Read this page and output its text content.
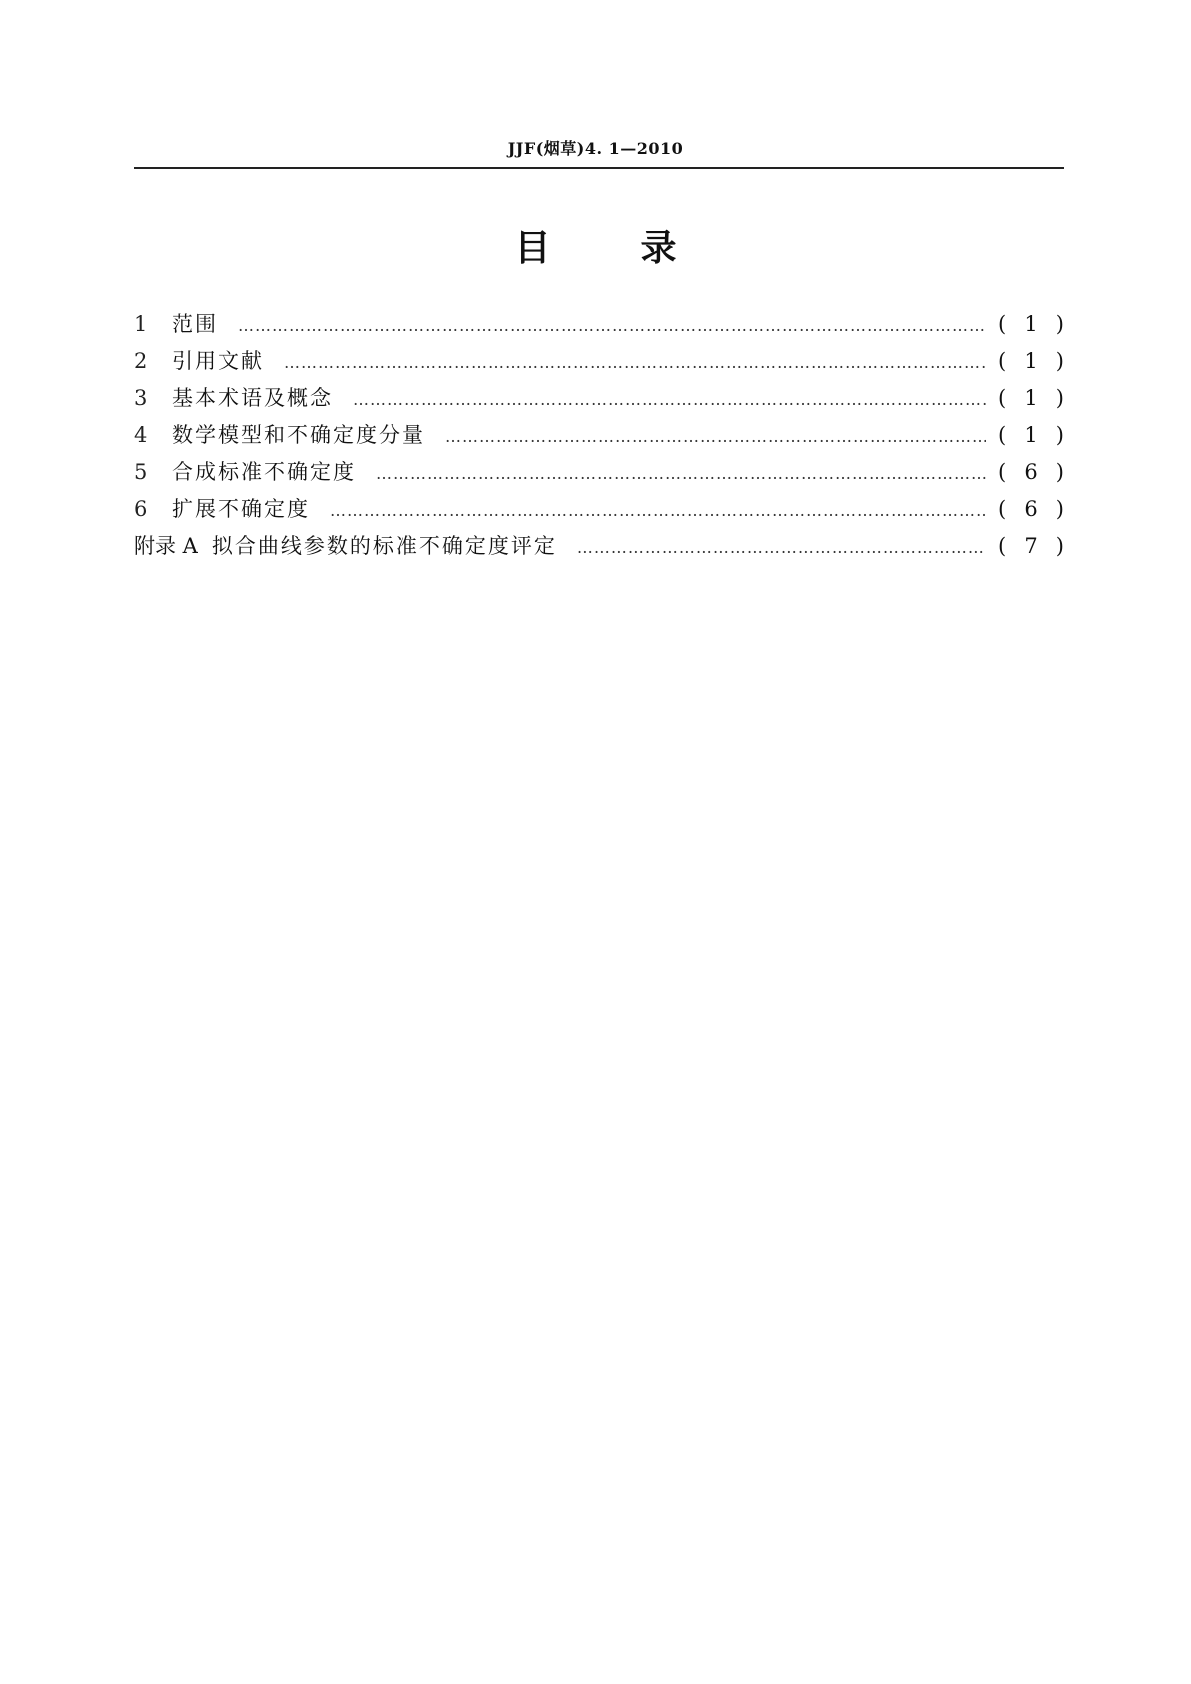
JJF(烟草)4. 1—2010
目录
1	范围 …………………………………………………………………………………………………………………………………………………………………………	( 1 )
2	引用文献 …………………………………………………………………………………………………………………………………………………………………………	( 1 )
3	基本术语及概念 …………………………………………………………………………………………………………………………………………………………………………	( 1 )
4	数学模型和不确定度分量 …………………………………………………………………………………………………………………………………………………………………………	( 1 )
5	合成标准不确定度 …………………………………………………………………………………………………………………………………………………………………………	( 6 )
6	扩展不确定度 …………………………………………………………………………………………………………………………………………………………………………	( 6 )
附录 A 拟合曲线参数的标准不确定度评定 …………………………………………………………………………………………………………………………………………………………………………	( 7 )
